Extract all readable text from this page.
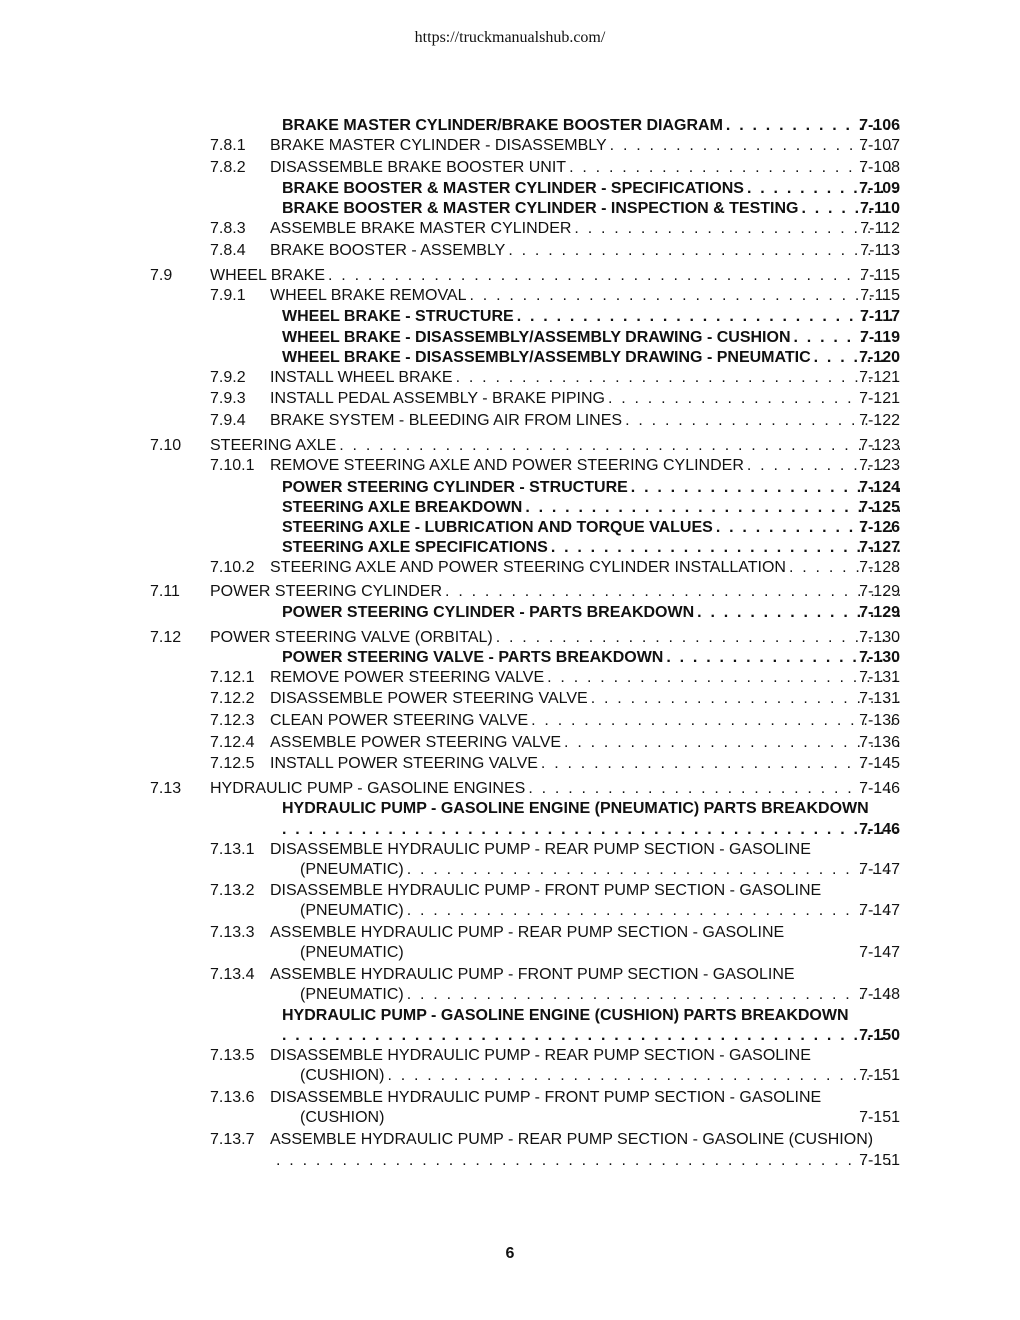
https://truckmanualshub.com/
BRAKE MASTER CYLINDER/BRAKE BOOSTER DIAGRAM . . .	7-106
7.8.1 BRAKE MASTER CYLINDER - DISASSEMBLY . . .	7-107
7.8.2 DISASSEMBLE BRAKE BOOSTER UNIT . . .	7-108
BRAKE BOOSTER & MASTER CYLINDER - SPECIFICATIONS . . .	7-109
BRAKE BOOSTER & MASTER CYLINDER - INSPECTION & TESTING . . .	7-110
7.8.3 ASSEMBLE BRAKE MASTER CYLINDER . . .	7-112
7.8.4 BRAKE BOOSTER - ASSEMBLY . . .	7-113
7.9 WHEEL BRAKE . . .	7-115
7.9.1 WHEEL BRAKE REMOVAL . . .	7-115
WHEEL BRAKE - STRUCTURE . . .	7-117
WHEEL BRAKE - DISASSEMBLY/ASSEMBLY DRAWING - CUSHION . . .	7-119
WHEEL BRAKE - DISASSEMBLY/ASSEMBLY DRAWING - PNEUMATIC . . .	7-120
7.9.2 INSTALL WHEEL BRAKE . . .	7-121
7.9.3 INSTALL PEDAL ASSEMBLY - BRAKE PIPING . . .	7-121
7.9.4 BRAKE SYSTEM - BLEEDING AIR FROM LINES . . .	7-122
7.10 STEERING AXLE . . .	7-123
7.10.1 REMOVE STEERING AXLE AND POWER STEERING CYLINDER . . .	7-123
POWER STEERING CYLINDER - STRUCTURE . . .	7-124
STEERING AXLE BREAKDOWN . . .	7-125
STEERING AXLE - LUBRICATION AND TORQUE VALUES . . .	7-126
STEERING AXLE SPECIFICATIONS . . .	7-127
7.10.2 STEERING AXLE AND POWER STEERING CYLINDER INSTALLATION . . .	7-128
7.11 POWER STEERING CYLINDER . . .	7-129
POWER STEERING CYLINDER - PARTS BREAKDOWN . . .	7-129
7.12 POWER STEERING VALVE (ORBITAL) . . .	7-130
POWER STEERING VALVE - PARTS BREAKDOWN . . .	7-130
7.12.1 REMOVE POWER STEERING VALVE . . .	7-131
7.12.2 DISASSEMBLE POWER STEERING VALVE . . .	7-131
7.12.3 CLEAN POWER STEERING VALVE . . .	7-136
7.12.4 ASSEMBLE POWER STEERING VALVE . . .	7-136
7.12.5 INSTALL POWER STEERING VALVE . . .	7-145
7.13 HYDRAULIC PUMP - GASOLINE ENGINES . . .	7-146
HYDRAULIC PUMP - GASOLINE ENGINE (PNEUMATIC) PARTS BREAKDOWN
. . .
7-146
7.13.1 DISASSEMBLE HYDRAULIC PUMP - REAR PUMP SECTION - GASOLINE
(PNEUMATIC) . . .	7-147
7.13.2 DISASSEMBLE HYDRAULIC PUMP - FRONT PUMP SECTION - GASOLINE
(PNEUMATIC) . . .	7-147
7.13.3 ASSEMBLE HYDRAULIC PUMP - REAR PUMP SECTION - GASOLINE
(PNEUMATIC)	7-147
7.13.4 ASSEMBLE HYDRAULIC PUMP - FRONT PUMP SECTION - GASOLINE
(PNEUMATIC) . . .	7-148
HYDRAULIC PUMP - GASOLINE ENGINE (CUSHION) PARTS BREAKDOWN
. . .
7-150
7.13.5 DISASSEMBLE HYDRAULIC PUMP - REAR PUMP SECTION - GASOLINE
(CUSHION) . . .	7-151
7.13.6 DISASSEMBLE HYDRAULIC PUMP - FRONT PUMP SECTION - GASOLINE
(CUSHION)	7-151
7.13.7 ASSEMBLE HYDRAULIC PUMP - REAR PUMP SECTION - GASOLINE (CUSHION)
. . .
7-151
6
